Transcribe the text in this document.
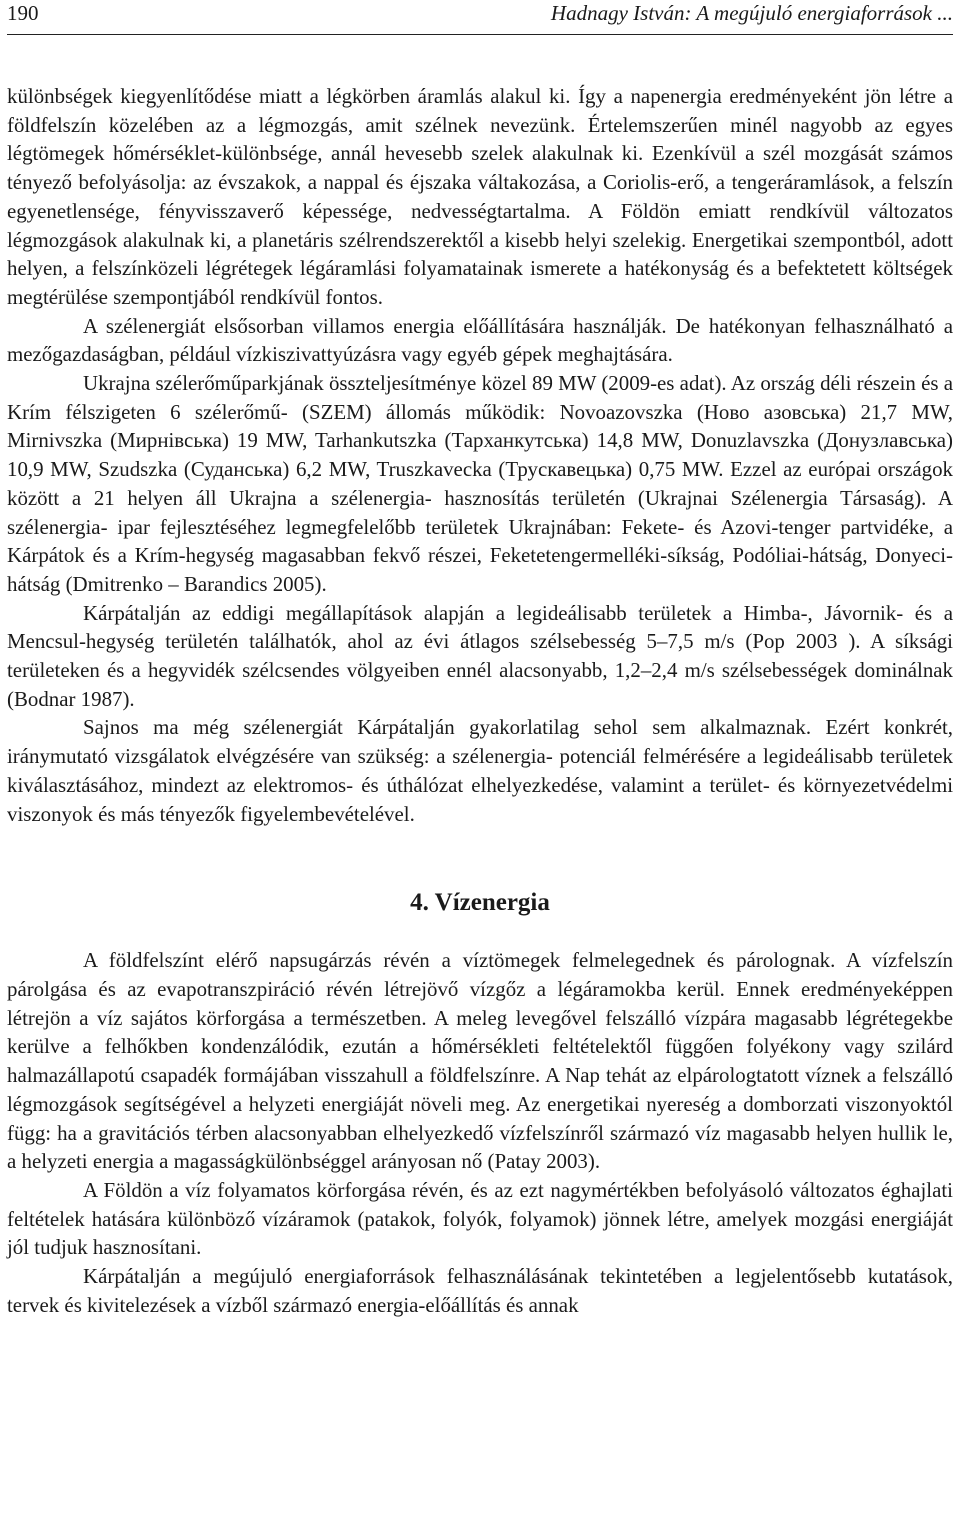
190	Hadnagy István: A megújuló energiaforrások ...

különbségek kiegyenlítődése miatt a légkörben áramlás alakul ki. Így a napenergia eredményeként jön létre a földfelszín közelében az a légmozgás, amit szélnek nevezünk. Értelemszerűen minél nagyobb az egyes légtömegek hőmérséklet-különbsége, annál hevesebb szelek alakulnak ki. Ezenkívül a szél mozgását számos tényező befolyásolja: az évszakok, a nappal és éjszaka váltakozása, a Coriolis-erő, a tengeráramlások, a felszín egyenetlensége, fényvisszaverő képessége, nedvességtartalma. A Földön emiatt rendkívül változatos légmozgások alakulnak ki, a planetáris szélrendszerektől a kisebb helyi szelekig. Energetikai szempontból, adott helyen, a felszínközeli légrétegek légáramlási folyamatainak ismerete a hatékonyság és a befektetett költségek megtérülése szempontjából rendkívül fontos.

A szélenergiát elsősorban villamos energia előállítására használják. De hatékonyan felhasználható a mezőgazdaságban, például vízkiszivattyúzásra vagy egyéb gépek meghajtására.

Ukrajna szélerőműparkjának összteljesítménye közel 89 MW (2009-es adat). Az ország déli részein és a Krím félszigeten 6 szélerőmű- (SZEM) állomás működik: Novoazovszka (Ново азовська) 21,7 MW, Mirnivszka (Мирнівська) 19 MW, Tarhankutszka (Тарханкутська) 14,8 MW, Donuzlavszka (Донузлавська) 10,9 MW, Szudszka (Суданська) 6,2 MW, Truszkavecka (Трускавецька) 0,75 MW. Ezzel az európai országok között a 21 helyen áll Ukrajna a szélenergia- hasznosítás területén (Ukrajnai Szélenergia Társaság). A szélenergia- ipar fejlesztéséhez legmegfelelőbb területek Ukrajnában: Fekete- és Azovi-tenger partvidéke, a Kárpátok és a Krím-hegység magasabban fekvő részei, Feketetengermelléki-síkság, Podóliai-hátság, Donyeci-hátság (Dmitrenko – Barandics 2005).

Kárpátalján az eddigi megállapítások alapján a legideálisabb területek a Himba-, Jávornik- és a Mencsul-hegység területén találhatók, ahol az évi átlagos szélsebesség 5–7,5 m/s (Pop 2003 ). A síksági területeken és a hegyvidék szélcsendes völgyeiben ennél alacsonyabb, 1,2–2,4 m/s szélsebességek dominálnak (Bodnar 1987).

Sajnos ma még szélenergiát Kárpátalján gyakorlatilag sehol sem alkalmaznak. Ezért konkrét, iránymutató vizsgálatok elvégzésére van szükség: a szélenergia- potenciál felmérésére a legideálisabb területek kiválasztásához, mindezt az elektromos- és úthálózat elhelyezkedése, valamint a terület- és környezetvédelmi viszonyok és más tényezők figyelembevételével.

4. Vízenergia

A földfelszínt elérő napsugárzás révén a víztömegek felmelegednek és párolognak. A vízfelszín párolgása és az evapotranszpiráció révén létrejövő vízgőz a légáramokba kerül. Ennek eredményeképpen létrejön a víz sajátos körforgása a természetben. A meleg levegővel felszálló vízpára magasabb légrétegekbe kerülve a felhőkben kondenzálódik, ezután a hőmérsékleti feltételektől függően folyékony vagy szilárd halmazállapotú csapadék formájában visszahull a földfelszínre. A Nap tehát az elpárologtatott víznek a felszálló légmozgások segítségével a helyzeti energiáját növeli meg. Az energetikai nyereség a domborzati viszonyoktól függ: ha a gravitációs térben alacsonyabban elhelyezkedő vízfelszínről származó víz magasabb helyen hullik le, a helyzeti energia a magasságkülönbséggel arányosan nő (Patay 2003).

A Földön a víz folyamatos körforgása révén, és az ezt nagymértékben befolyásoló változatos éghajlati feltételek hatására különböző vízáramok (patakok, folyók, folyamok) jönnek létre, amelyek mozgási energiáját jól tudjuk hasznosítani.

Kárpátalján a megújuló energiaforrások felhasználásának tekintetében a legjelentősebb kutatások, tervek és kivitelezések a vízből származó energia-előállítás és annak
